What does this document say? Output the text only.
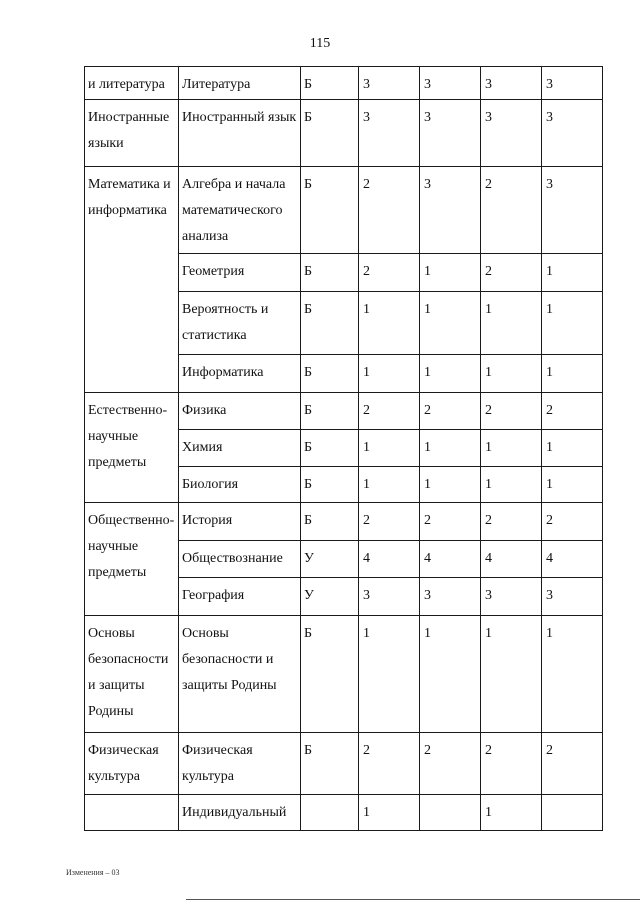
115
и литература	Литература	Б	3	3	3	3
Иностранные языки	Иностранный язык	Б	3	3	3	3
Математика и информатика	Алгебра и начала математического анализа	Б	2	3	2	3
	Геометрия	Б	2	1	2	1
	Вероятность и статистика	Б	1	1	1	1
	Информатика	Б	1	1	1	1
Естественно-научные предметы	Физика	Б	2	2	2	2
	Химия	Б	1	1	1	1
	Биология	Б	1	1	1	1
Общественно-научные предметы	История	Б	2	2	2	2
	Обществознание	У	4	4	4	4
	География	У	3	3	3	3
Основы безопасности и защиты Родины	Основы безопасности и защиты Родины	Б	1	1	1	1
Физическая культура	Физическая культура	Б	2	2	2	2
	Индивидуальный		1		1	
Изменения – 03
